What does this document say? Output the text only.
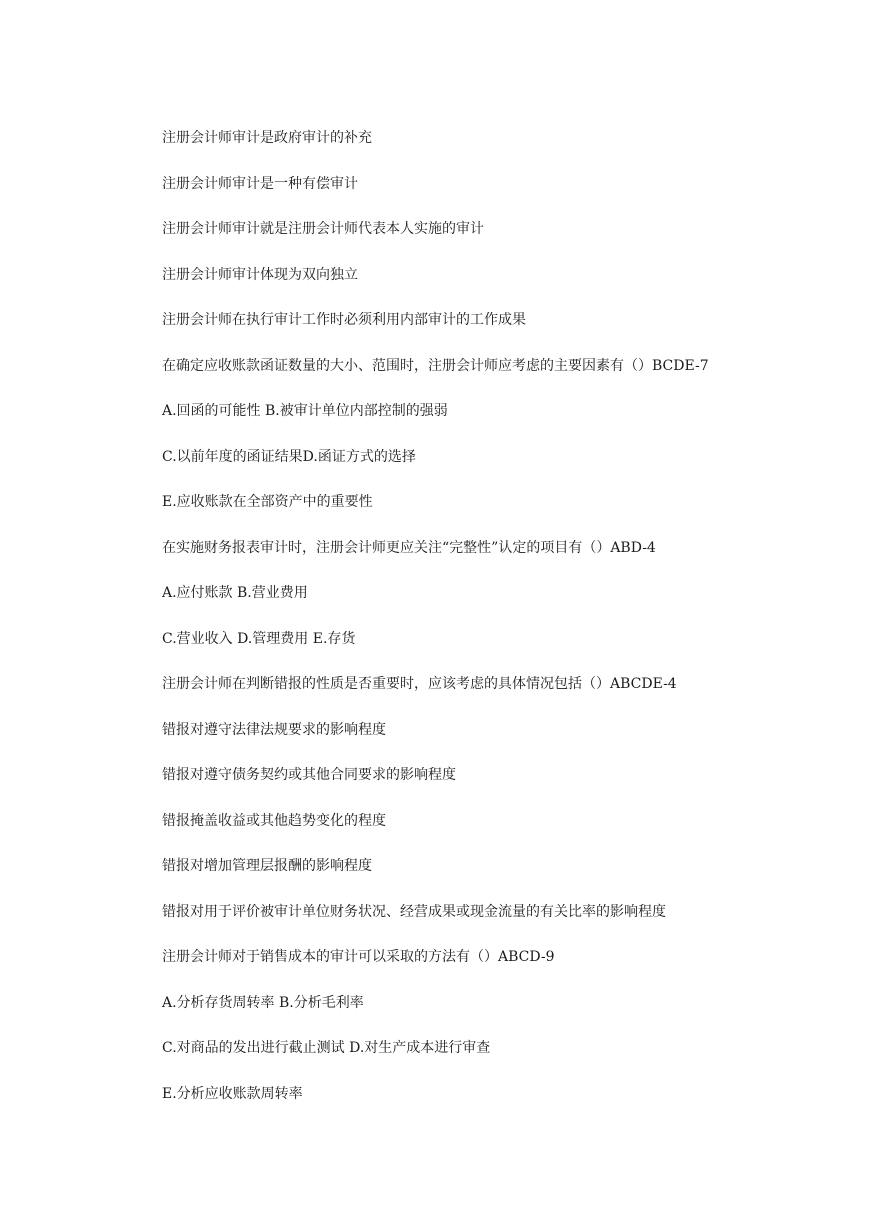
注册会计师审计是政府审计的补充
注册会计师审计是一种有偿审计
注册会计师审计就是注册会计师代表本人实施的审计
注册会计师审计体现为双向独立
注册会计师在执行审计工作时必须利用内部审计的工作成果
在确定应收账款函证数量的大小、范围时，注册会计师应考虑的主要因素有（）BCDE-7
A.回函的可能性 B.被审计单位内部控制的强弱
C.以前年度的函证结果D.函证方式的选择
E.应收账款在全部资产中的重要性
在实施财务报表审计时，注册会计师更应关注“完整性”认定的项目有（）ABD-4
A.应付账款 B.营业费用
C.营业收入 D.管理费用 E.存货
注册会计师在判断错报的性质是否重要时，应该考虑的具体情况包括（）ABCDE-4
错报对遵守法律法规要求的影响程度
错报对遵守债务契约或其他合同要求的影响程度
错报掩盖收益或其他趋势变化的程度
错报对增加管理层报酬的影响程度
错报对用于评价被审计单位财务状况、经营成果或现金流量的有关比率的影响程度
注册会计师对于销售成本的审计可以采取的方法有（）ABCD-9
A.分析存货周转率 B.分析毛利率
C.对商品的发出进行截止测试 D.对生产成本进行审查
E.分析应收账款周转率
